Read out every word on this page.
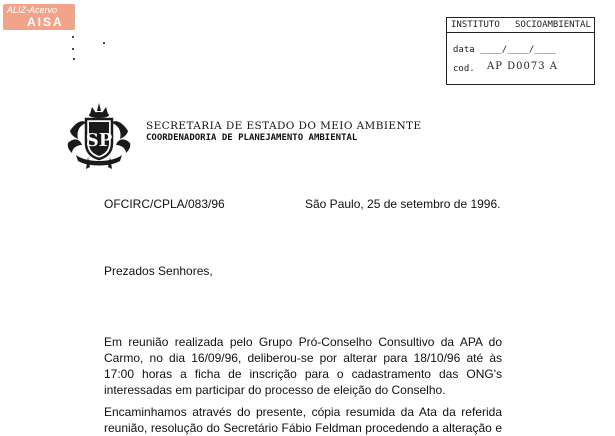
ALIZ-Acervo
AISA	INSTITUTO SOCIOAMBIENTAL
data ____/____/____
cod. AP D0073 A
SP
SECRETARIA DE ESTADO DO MEIO AMBIENTE
COORDENADORIA DE PLANEJAMENTO AMBIENTAL
OFCIRC/CPLA/083/96	São Paulo, 25 de setembro de 1996.
Prezados Senhores,

Em reunião realizada pelo Grupo Pró-Conselho Consultivo da APA do
Carmo, no dia 16/09/96, deliberou-se por alterar para 18/10/96 até às
17:00 horas a ficha de inscrição para o cadastramento das ONG's
interessadas em participar do processo de eleição do Conselho.

Encaminhamos através do presente, cópia resumida da Ata da referida
reunião, resolução do Secretário Fábio Feldman procedendo a alteração e
